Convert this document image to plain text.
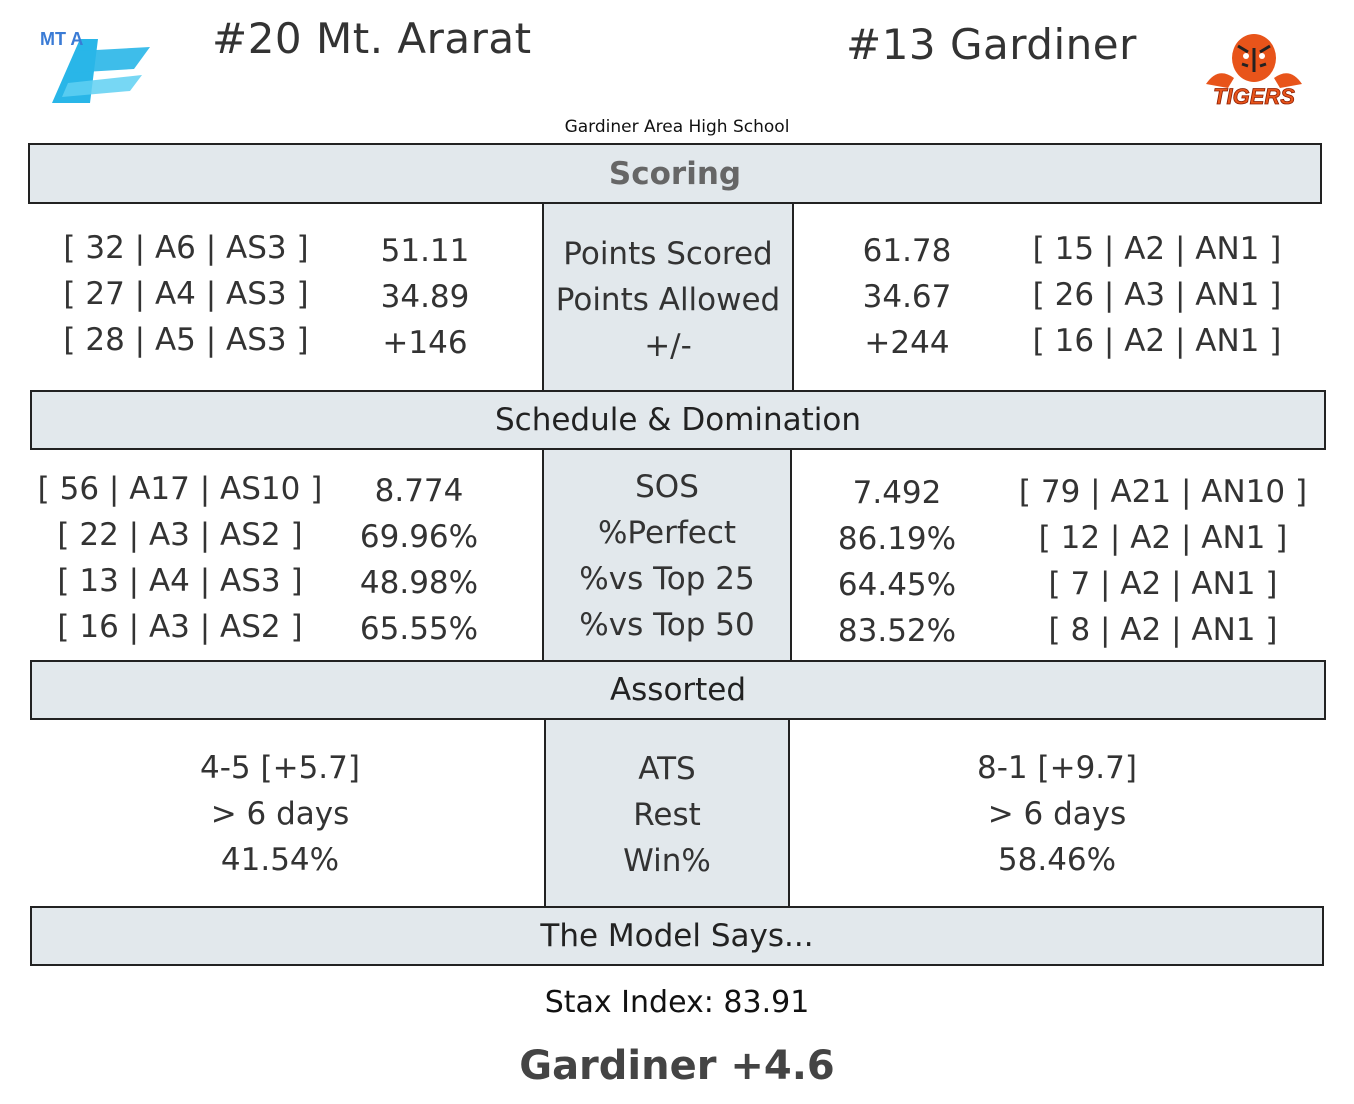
MT A	#20 Mt. Ararat	#13 Gardiner
TIGERS
Gardiner Area High School
Scoring
[ 32 | A6 | AS3 ]
[ 27 | A4 | AS3 ]
[ 28 | A5 | AS3 ]
51.11
34.89
+146
Points Scored
Points Allowed
+/-
61.78
34.67
+244
[ 15 | A2 | AN1 ]
[ 26 | A3 | AN1 ]
[ 16 | A2 | AN1 ]
Schedule & Domination
[ 56 | A17 | AS10 ]
[ 22 | A3 | AS2 ]
[ 13 | A4 | AS3 ]
[ 16 | A3 | AS2 ]
8.774
69.96%
48.98%
65.55%
SOS
%Perfect
%vs Top 25
%vs Top 50
7.492
86.19%
64.45%
83.52%
[ 79 | A21 | AN10 ]
[ 12 | A2 | AN1 ]
[ 7 | A2 | AN1 ]
[ 8 | A2 | AN1 ]
Assorted
4-5 [+5.7]
> 6 days
41.54%
ATS
Rest
Win%
8-1 [+9.7]
> 6 days
58.46%
The Model Says...
Stax Index: 83.91
Gardiner +4.6
